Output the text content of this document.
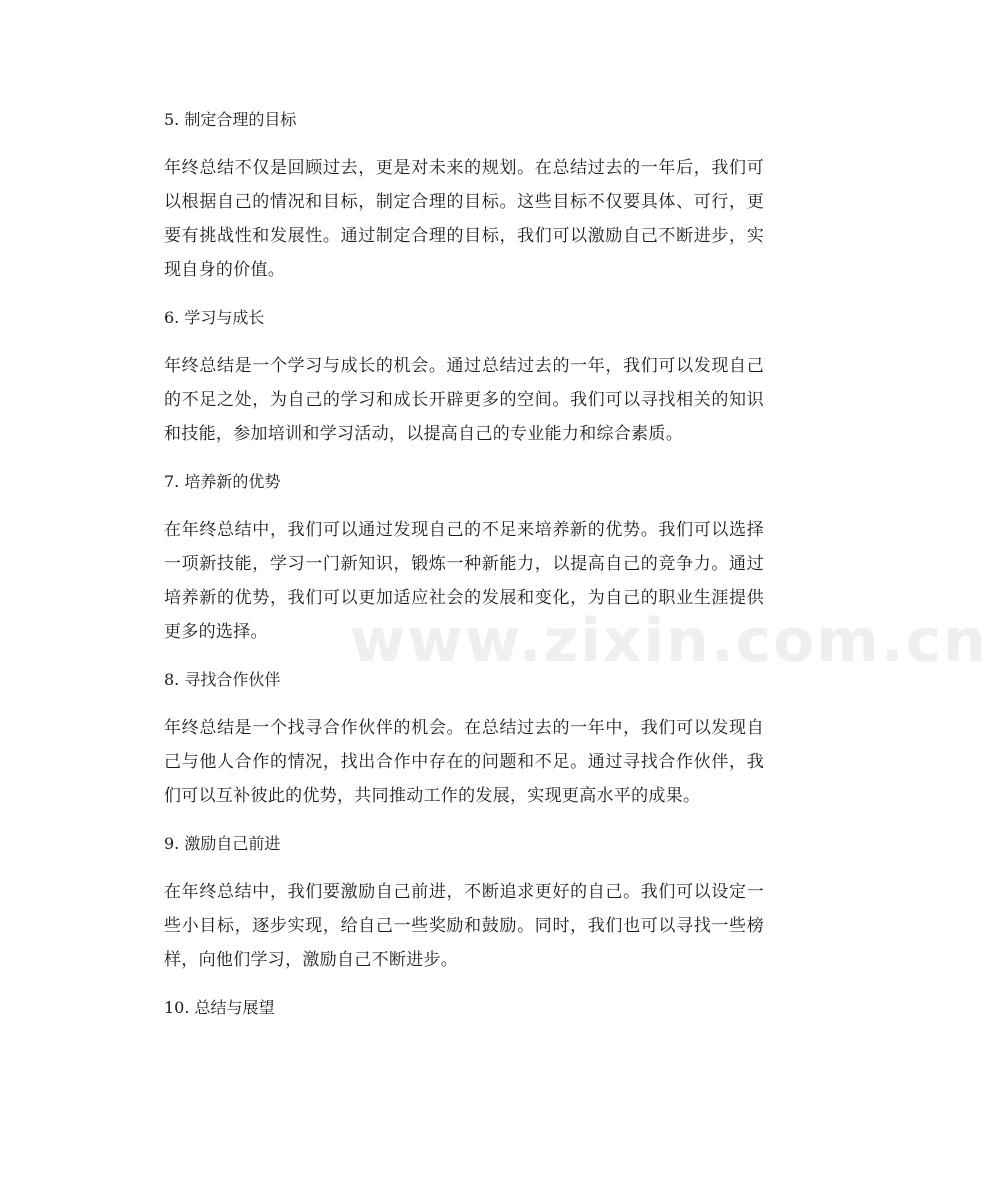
5. 制定合理的目标
年终总结不仅是回顾过去，更是对未来的规划。在总结过去的一年后，我们可以根据自己的情况和目标，制定合理的目标。这些目标不仅要具体、可行，更要有挑战性和发展性。通过制定合理的目标，我们可以激励自己不断进步，实现自身的价值。
6. 学习与成长
年终总结是一个学习与成长的机会。通过总结过去的一年，我们可以发现自己的不足之处，为自己的学习和成长开辟更多的空间。我们可以寻找相关的知识和技能，参加培训和学习活动，以提高自己的专业能力和综合素质。
7. 培养新的优势
在年终总结中，我们可以通过发现自己的不足来培养新的优势。我们可以选择一项新技能，学习一门新知识，锻炼一种新能力，以提高自己的竞争力。通过培养新的优势，我们可以更加适应社会的发展和变化，为自己的职业生涯提供更多的选择。
8. 寻找合作伙伴
年终总结是一个找寻合作伙伴的机会。在总结过去的一年中，我们可以发现自己与他人合作的情况，找出合作中存在的问题和不足。通过寻找合作伙伴，我们可以互补彼此的优势，共同推动工作的发展，实现更高水平的成果。
9. 激励自己前进
在年终总结中，我们要激励自己前进，不断追求更好的自己。我们可以设定一些小目标，逐步实现，给自己一些奖励和鼓励。同时，我们也可以寻找一些榜样，向他们学习，激励自己不断进步。
10. 总结与展望
www.zixin.com.cn
